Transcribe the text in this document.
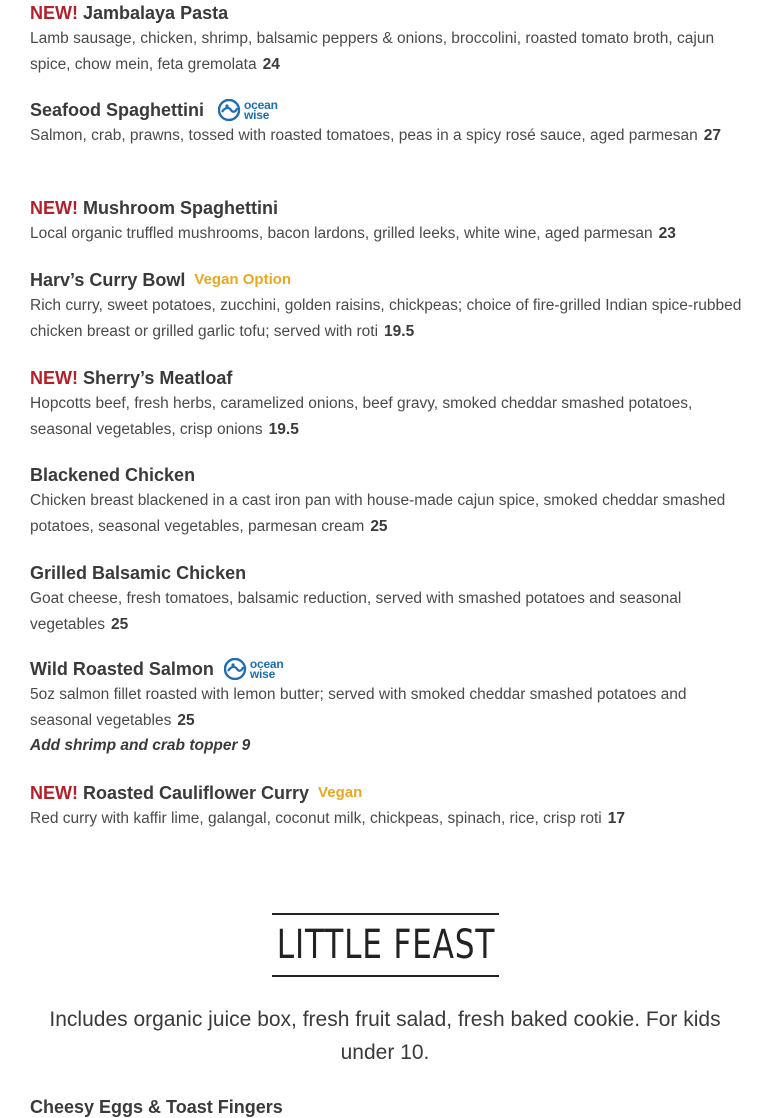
NEW! Jambalaya Pasta

Lamb sausage, chicken, shrimp, balsamic peppers & onions, broccolini, roasted tomato broth, cajun spice, chow mein, feta gremolata 24

Seafood Spaghettini	ocean
wise

Salmon, crab, prawns, tossed with roasted tomatoes, peas in a spicy rosé sauce, aged parmesan 27

NEW! Mushroom Spaghettini

Local organic truffled mushrooms, bacon lardons, grilled leeks, white wine, aged parmesan 23

Harv’s Curry Bowl Vegan Option

Rich curry, sweet potatoes, zucchini, golden raisins, chickpeas; choice of fire-grilled Indian spice-rubbed chicken breast or grilled garlic tofu; served with roti 19.5

NEW! Sherry’s Meatloaf

Hopcotts beef, fresh herbs, caramelized onions, beef gravy, smoked cheddar smashed potatoes, seasonal vegetables, crisp onions 19.5

Blackened Chicken

Chicken breast blackened in a cast iron pan with house-made cajun spice, smoked cheddar smashed potatoes, seasonal vegetables, parmesan cream 25

Grilled Balsamic Chicken

Goat cheese, fresh tomatoes, balsamic reduction, served with smashed potatoes and seasonal vegetables 25

Wild Roasted Salmon	ocean
wise

5oz salmon fillet roasted with lemon butter; served with smoked cheddar smashed potatoes and seasonal vegetables 25

Add shrimp and crab topper 9
NEW! Roasted Cauliflower Curry Vegan

Red curry with kaffir lime, galangal, coconut milk, chickpeas, spinach, rice, crisp roti 17

LITTLE FEAST
Includes organic juice box, fresh fruit salad, fresh baked cookie. For kids under 10.
Cheesy Eggs & Toast Fingers
